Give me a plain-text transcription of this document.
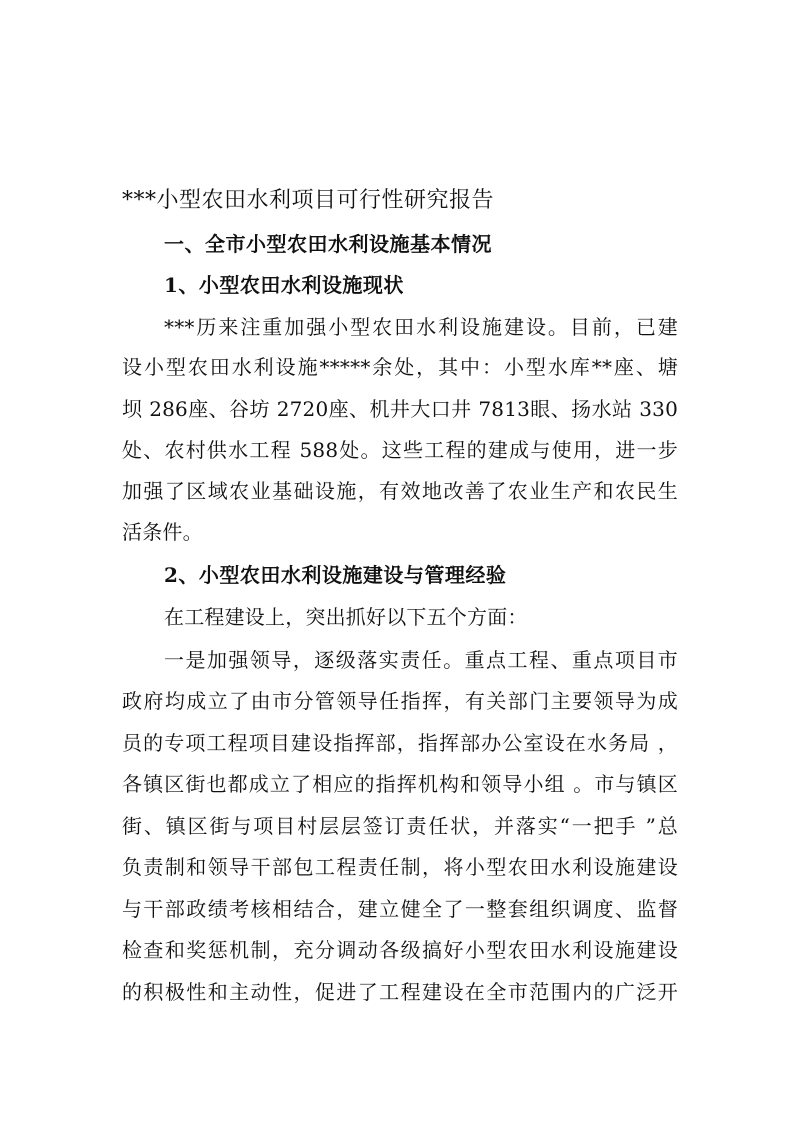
***小型农田水利项目可行性研究报告
一、全市小型农田水利设施基本情况
1、小型农田水利设施现状
***历来注重加强小型农田水利设施建设。目前，已建
设小型农田水利设施*****余处，其中：小型水库**座、塘
坝 286座、谷坊 2720座、机井大口井 7813眼、扬水站 330
处、农村供水工程 588处。这些工程的建成与使用，进一步
加强了区域农业基础设施，有效地改善了农业生产和农民生
活条件。
2、小型农田水利设施建设与管理经验
在工程建设上，突出抓好以下五个方面：
一是加强领导，逐级落实责任。重点工程、重点项目市
政府均成立了由市分管领导任指挥，有关部门主要领导为成
员的专项工程项目建设指挥部，指挥部办公室设在水务局 ，
各镇区街也都成立了相应的指挥机构和领导小组 。市与镇区
街、镇区街与项目村层层签订责任状，并落实“一把手 ”总
负责制和领导干部包工程责任制，将小型农田水利设施建设
与干部政绩考核相结合，建立健全了一整套组织调度、监督
检查和奖惩机制，充分调动各级搞好小型农田水利设施建设
的积极性和主动性，促进了工程建设在全市范围内的广泛开
